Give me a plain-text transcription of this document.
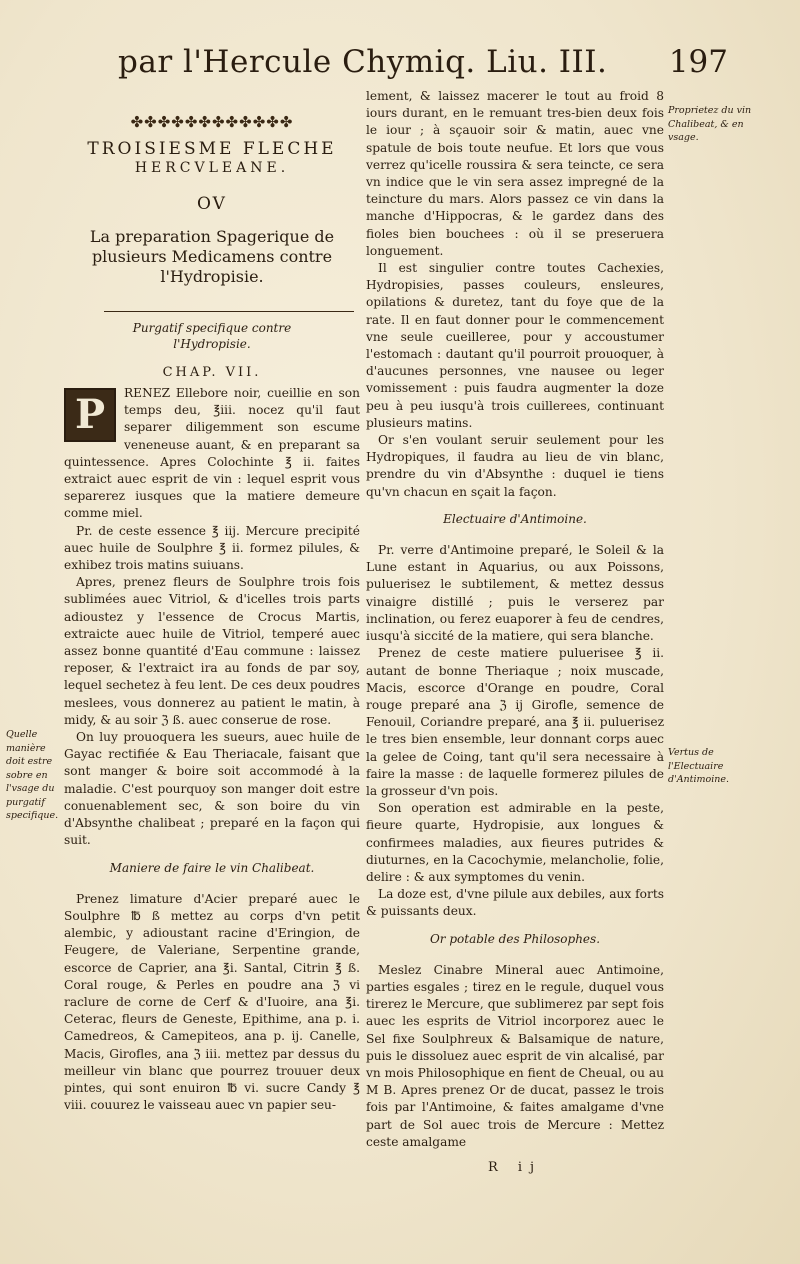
par l'Hercule Chymiq. Liu. III. 197
✤✤✤✤✤✤✤✤✤✤✤✤
TROISIESME FLECHE
HERCVLEANE.
OV
La preparation Spagerique de plusieurs Medicamens contre l'Hydropisie.
Purgatif specifique contre
l'Hydropisie.
CHAP. VII.
P	RENEZ Ellebore noir, cueillie en son temps deu, ℥iii. nocez qu'il faut separer diligemment son escume veneneuse auant, & en preparant sa quintessence. Apres Colochinte ℥ ii. faites extraict auec esprit de vin : lequel esprit vous separerez iusques que la matiere demeure comme miel.

Pr. de ceste essence ℥ iij. Mercure precipité auec huile de Soulphre ℥ ii. formez pilules, & exhibez trois matins suiuans.

Apres, prenez fleurs de Soulphre trois fois sublimées auec Vitriol, & d'icelles trois parts adioustez y l'essence de Crocus Martis, extraicte auec huile de Vitriol, temperé auec assez bonne quantité d'Eau commune : laissez reposer, & l'extraict ira au fonds de par soy, lequel sechetez à feu lent. De ces deux poudres meslees, vous donnerez au patient le matin, à midy, & au soir ℨ ß. auec conserue de rose.

On luy prouoquera les sueurs, auec huile de Gayac rectifiée & Eau Theriacale, faisant que sont manger & boire soit accommodé à la maladie. C'est pourquoy son manger doit estre conuenablement sec, & son boire du vin d'Absynthe chalibeat ; preparé en la façon qui suit.

Maniere de faire le vin Chalibeat.

Prenez limature d'Acier preparé auec le Soulphre ℔ ß mettez au corps d'vn petit alembic, y adioustant racine d'Eringion, de Feugere, de Valeriane, Serpentine grande, escorce de Caprier, ana ℥i. Santal, Citrin ℥ ß. Coral rouge, & Perles en poudre ana ℨ vi raclure de corne de Cerf & d'Iuoire, ana ℥i. Ceterac, fleurs de Geneste, Epithime, ana p. i. Camedreos, & Camepiteos, ana p. ij. Canelle, Macis, Girofles, ana ℨ iii. mettez par dessus du meilleur vin blanc que pourrez trouuer deux pintes, qui sont enuiron ℔ vi. sucre Candy ℥ viii. couurez le vaisseau auec vn papier seu-

lement, & laissez macerer le tout au froid 8 iours durant, en le remuant tres-bien deux fois le iour ; à sçauoir soir & matin, auec vne spatule de bois toute neufue. Et lors que vous verrez qu'icelle roussira & sera teincte, ce sera vn indice que le vin sera assez impregné de la teincture du mars. Alors passez ce vin dans la manche d'Hippocras, & le gardez dans des fioles bien bouchees : où il se preseruera longuement.

Il est singulier contre toutes Cachexies, Hydropisies, passes couleurs, ensleures, opilations & duretez, tant du foye que de la rate. Il en faut donner pour le commencement vne seule cueilleree, pour y accoustumer l'estomach : dautant qu'il pourroit prouoquer, à d'aucunes personnes, vne nausee ou leger vomissement : puis faudra augmenter la doze peu à peu iusqu'à trois cuillerees, continuant plusieurs matins.

Or s'en voulant seruir seulement pour les Hydropiques, il faudra au lieu de vin blanc, prendre du vin d'Absynthe : duquel ie tiens qu'vn chacun en sçait la façon.

Electuaire d'Antimoine.

Pr. verre d'Antimoine preparé, le Soleil & la Lune estant in Aquarius, ou aux Poissons, puluerisez le subtilement, & mettez dessus vinaigre distillé ; puis le verserez par inclination, ou ferez euaporer à feu de cendres, iusqu'à siccité de la matiere, qui sera blanche.

Prenez de ceste matiere puluerisee ℥ ii. autant de bonne Theriaque ; noix muscade, Macis, escorce d'Orange en poudre, Coral rouge preparé ana ℨ ij Girofle, semence de Fenouil, Coriandre preparé, ana ℥ ii. puluerisez le tres bien ensemble, leur donnant corps auec la gelee de Coing, tant qu'il sera necessaire à faire la masse : de laquelle formerez pilules de la grosseur d'vn pois.

Son operation est admirable en la peste, fieure quarte, Hydropisie, aux longues & confirmees maladies, aux fieures putrides & diuturnes, en la Cacochymie, melancholie, folie, delire : & aux symptomes du venin.

La doze est, d'vne pilule aux debiles, aux forts & puissants deux.

Or potable des Philosophes.

Meslez Cinabre Mineral auec Antimoine, parties esgales ; tirez en le regule, duquel vous tirerez le Mercure, que sublimerez par sept fois auec les esprits de Vitriol incorporez auec le Sel fixe Soulphreux & Balsamique de nature, puis le dissoluez auec esprit de vin alcalisé, par vn mois Philosophique en fient de Cheual, ou au M B. Apres prenez Or de ducat, passez le trois fois par l'Antimoine, & faites amalgame d'vne part de Sol auec trois de Mercure : Mettez ceste amalgame

R ij
Quelle manière doit estre sobre en l'vsage du purgatif specifique.
Proprietez du vin Chalibeat, & en vsage.
Vertus de l'Electuaire d'Antimoine.
